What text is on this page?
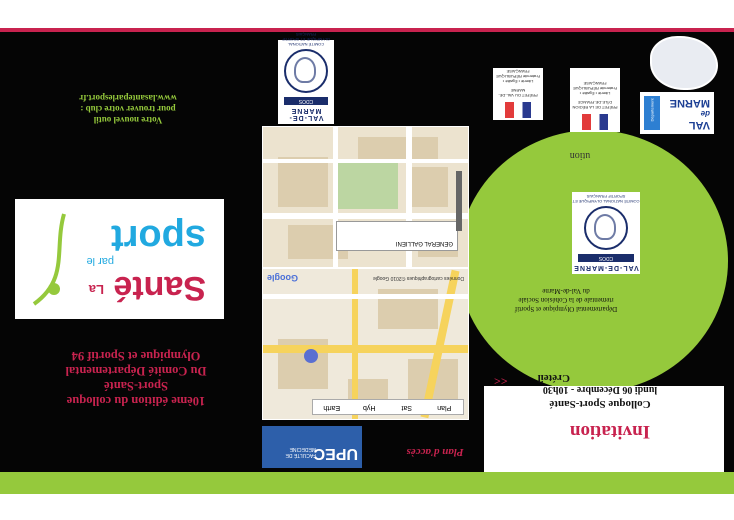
Votre nouvel outil
pour trouver votre club :
www.lasanteparlesport.fr
sport
par le
Santé
La
10ème édition du colloque
Sport-Santé
Du Comité Départemental
Olympique et Sportif 94
VAL-DE-MARNE
CDOS
COMITÉ NATIONAL OLYMPIQUE ET SPORTIF FRANÇAIS
GENERAL GALLIENI
Plan
Sat
Hyb
Earth
Données cartographiques ©2010 Google
Google
UPEC
FACULTÉ DE MÉDECINE	Plan d'accès
PRÉFET DU VAL-DE-MARNE
Liberté • Égalité • Fraternité RÉPUBLIQUE FRANÇAISE
PRÉFET DE LA RÉGION D'ÎLE-DE-FRANCE
Liberté • Égalité • Fraternité RÉPUBLIQUE FRANÇAISE
VAL
de
MARNE
Département
ution
VAL-DE-MARNE
CDOS
COMITÉ NATIONAL OLYMPIQUE ET SPORTIF FRANÇAIS
Départemental Olympique et Sportif
rtementale de la Cohésion Sociale
du Val-de-Marne
Invitation
Colloque Sport-Santé
lundi 06 Décembre - 10h30
Créteil
>>
